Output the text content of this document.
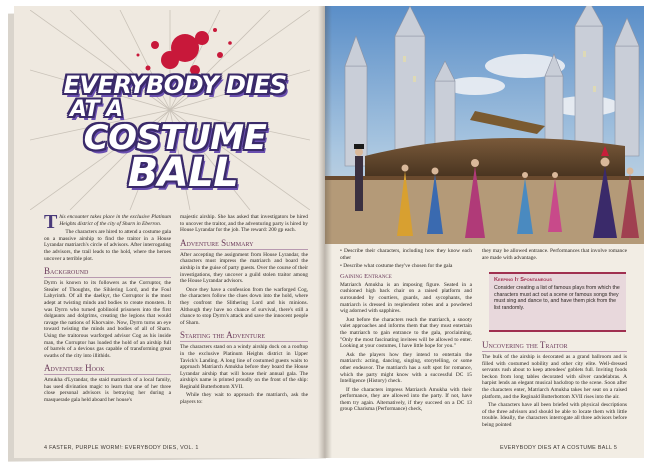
EVERYBODY DIES
AT A
COSTUME
BALL

This encounter takes place in the exclusive Platinum Heights district of the city of Sharn in Eberron.

The characters are hired to attend a costume gala on a massive airship to find the traitor in a House Lyrandar matriarch's circle of advisors. After interrogating the advisors, the trail leads to the hold, where the heroes uncover a terrible plot.

Background

Dyrrn is known to its followers as the Corruptor, the Stealer of Thoughts, the Sihlering Lord, and the Foul Labyrinth. Of all the daelkyr, the Corruptor is the most adept at twisting minds and bodies to create monsters. It was Dyrrn who turned goblinoid prisoners into the first dolgaunts and dolgrims, creating the legions that would ravage the nations of Khorvaire. Now, Dyrrn turns an eye toward twisting the minds and bodies of all of Sharn. Using the traitorous warforged advisor Cog as his inside man, the Corruptor has loaded the hold of an airship full of barrels of a devious gas capable of transforming great swaths of the city into illithids.

Adventure Hook

Amukha d'Lyrandar, the staid matriarch of a local family, has used divination magic to learn that one of her three close personal advisors is betraying her during a masquerade gala held aboard her house's

majestic airship. She has asked that investigators be hired to uncover the traitor, and the adventuring party is hired by House Lyrandar for the job. The reward: 200 gp each.

Adventure Summary

After accepting the assignment from House Lyrandar, the characters must impress the matriarch and board the airship in the guise of party guests. Over the course of their investigations, they uncover a guild stolen traitor among the House Lyrandar advisors.

Once they have a confession from the warforged Cog, the characters follow the clues down into the hold, where they confront the Slithering Lord and his minions. Although they have no chance of survival, there's still a chance to stop Dyrrn's attack and save the innocent people of Sharn.

Starting the Adventure

The characters stand on a windy airship dock on a rooftop in the exclusive Platinum Heights district in Upper Tavick's Landing. A long line of costumed guests waits to approach Matriarch Amukha before they board the House Lyrandar airship that will house their annual gala. The airship's name is printed proudly on the front of the ship: Reginald Butterbottom XVII.

While they wait to approach the matriarch, ask the players to:

4 FASTER, PURPLE WORM!: EVERYBODY DIES, VOL. 1

• Describe their characters, including how they know each other

• Describe what costume they've chosen for the gala

Gaining Entrance

Matriarch Amukha is an imposing figure. Seated in a cushioned high back chair on a raised platform and surrounded by courtiers, guards, and sycophants, the matriarch is dressed in resplendent robes and a powdered wig adorned with sapphires.

Just before the characters reach the matriarch, a snooty valet approaches and informs them that they must entertain the matriarch to gain entrance to the gala, proclaiming, "Only the most fascinating invitees will be allowed to enter. Looking at your costumes, I have little hope for you."

Ask the players how they intend to entertain the matriarch: acting, dancing, singing, storytelling, or some other endeavor. The matriarch has a soft spot for romance, which the party might know with a successful DC 15 Intelligence (History) check.

If the characters impress Matriarch Amukha with their performance, they are allowed into the party. If not, have them try again. Alternatively, if they succeed on a DC 13 group Charisma (Performance) check,

they may be allowed entrance. Performances that involve romance are made with advantage.

Keeping It Spontaneous
Consider creating a list of famous plays from which the characters must act out a scene or famous songs they must sing and dance to, and have them pick from the list randomly.
Uncovering the Traitor

The bulk of the airship is decorated as a grand ballroom and is filled with costumed nobility and other city elite. Well-dressed servants rush about to keep attendees' goblets full. Inviting foods beckon from long tables decorated with silver candelabras. A harpist lends an elegant musical backdrop to the scene. Soon after the characters enter, Matriarch Amukha takes her seat on a raised platform, and the Reginald Butterbottom XVII rises into the air.

The characters have all been briefed with physical descriptions of the three advisors and should be able to locate them with little trouble. Ideally, the characters interrogate all three advisors before being pointed

EVERYBODY DIES AT A COSTUME BALL 5
